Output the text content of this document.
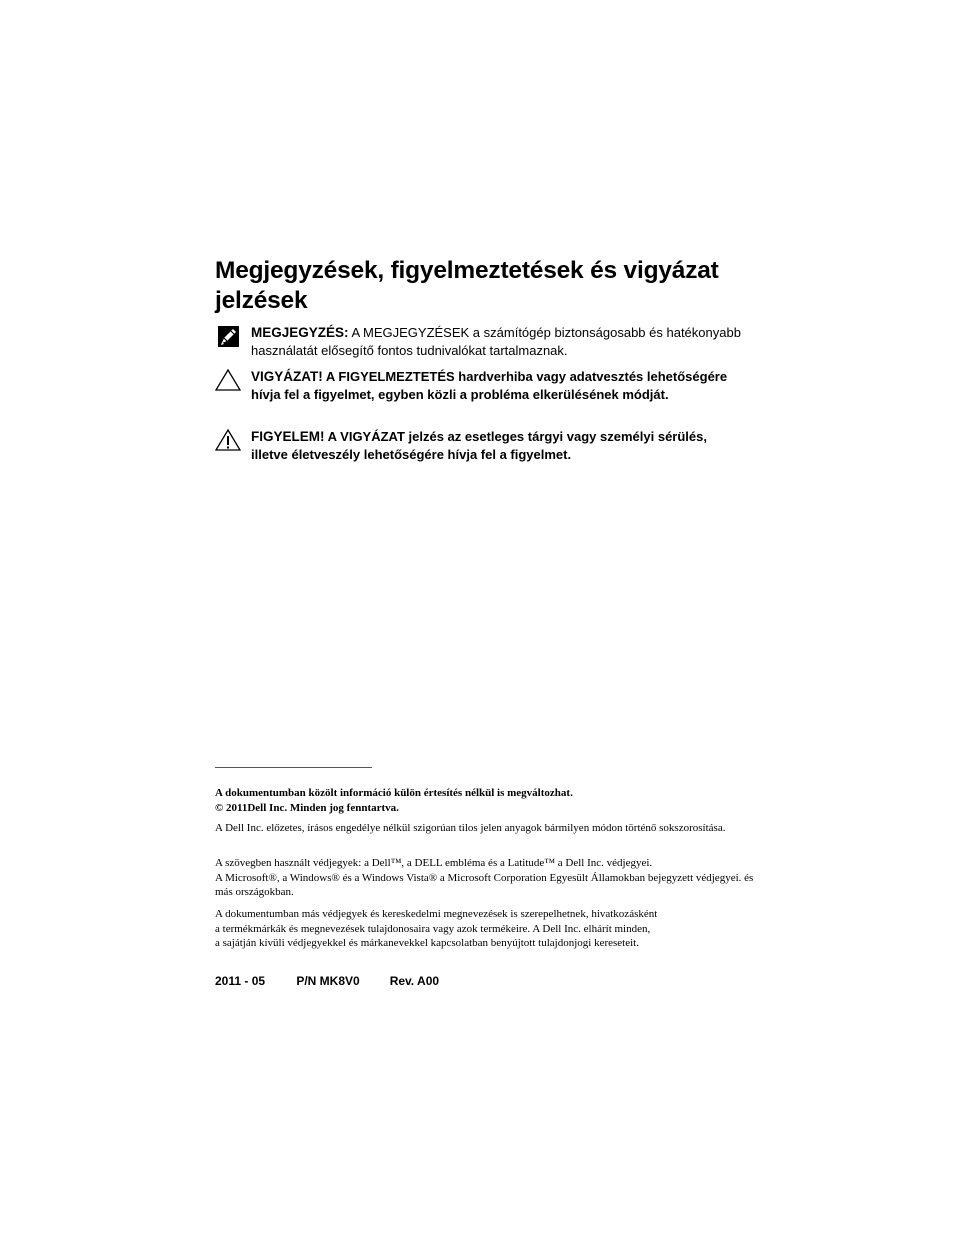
Megjegyzések, figyelmeztetések és vigyázat jelzések
MEGJEGYZÉS: A MEGJEGYZÉSEK a számítógép biztonságosabb és hatékonyabb használatát elősegítő fontos tudnivalókat tartalmaznak.
VIGYÁZAT! A FIGYELMEZTETÉS hardverhiba vagy adatvesztés lehetőségére hívja fel a figyelmet, egyben közli a probléma elkerülésének módját.
FIGYELEM! A VIGYÁZAT jelzés az esetleges tárgyi vagy személyi sérülés, illetve életveszély lehetőségére hívja fel a figyelmet.

A dokumentumban közölt információ külön értesítés nélkül is megváltozhat.

© 2011Dell Inc. Minden jog fenntartva.

A Dell Inc. előzetes, írásos engedélye nélkül szigorúan tilos jelen anyagok bármilyen módon történő sokszorosítása.

A szövegben használt védjegyek: a Dell™, a DELL embléma és a Latitude™ a Dell Inc. védjegyei.

A Microsoft®, a Windows® és a Windows Vista® a Microsoft Corporation Egyesült Államokban bejegyzett védjegyei. és más országokban.

A dokumentumban más védjegyek és kereskedelmi megnevezések is szerepelhetnek, hivatkozásként

a termékmárkák és megnevezések tulajdonosaira vagy azok termékeire. A Dell Inc. elhárít minden,

a sajátján kívüli védjegyekkel és márkanevekkel kapcsolatban benyújtott tulajdonjogi kereseteit.

2011 - 05	P/N MK8V0 Rev. A00
